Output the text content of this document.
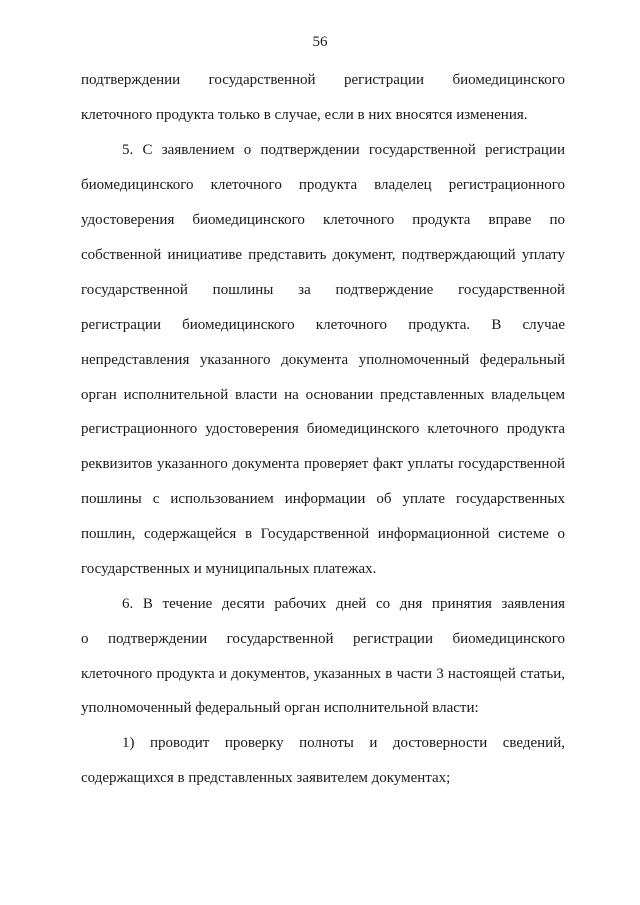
56
подтверждении государственной регистрации биомедицинского
клеточного продукта только в случае, если в них вносятся изменения.
5. С заявлением о подтверждении государственной регистрации
биомедицинского клеточного продукта владелец регистрационного
удостоверения биомедицинского клеточного продукта вправе по
собственной инициативе представить документ, подтверждающий уплату
государственной пошлины за подтверждение государственной
регистрации биомедицинского клеточного продукта. В случае
непредставления указанного документа уполномоченный федеральный
орган исполнительной власти на основании представленных владельцем
регистрационного удостоверения биомедицинского клеточного продукта
реквизитов указанного документа проверяет факт уплаты государственной
пошлины с использованием информации об уплате государственных
пошлин, содержащейся в Государственной информационной системе о
государственных и муниципальных платежах.
6. В течение десяти рабочих дней со дня принятия заявления
о подтверждении государственной регистрации биомедицинского
клеточного продукта и документов, указанных в части 3 настоящей статьи,
уполномоченный федеральный орган исполнительной власти:
1) проводит проверку полноты и достоверности сведений,
содержащихся в представленных заявителем документах;
